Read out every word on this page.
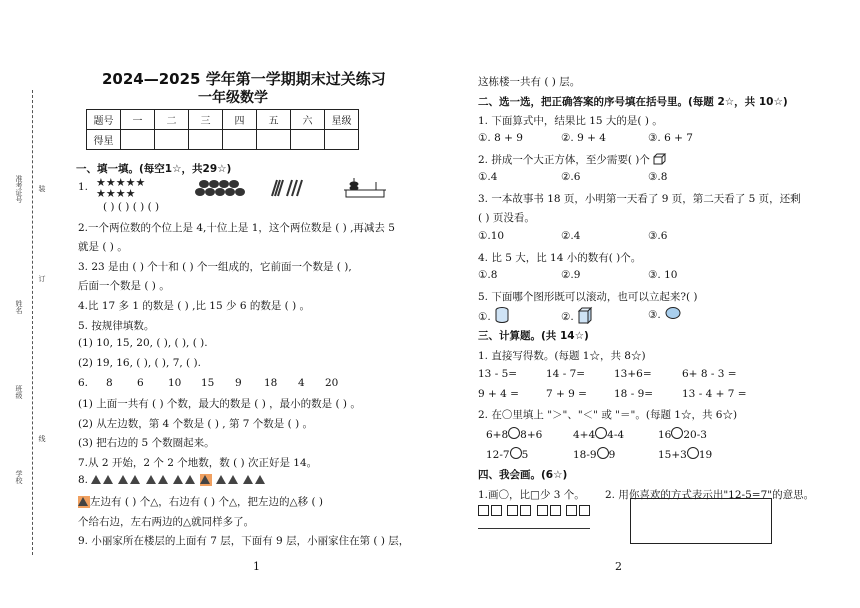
准考证号
姓名
班级
学校
装
订
线
2024—2025 学年第一学期期末过关练习
一年级数学
题号	一	二	三	四	五	六	星级
得星							
一、填一填。(每空1☆，共29☆)
1. ★★★★★
★★★★
( ) ( ) ( ) ( )
2.一个两位数的个位上是 4,十位上是 1，这个两位数是 ( ) ,再减去 5
就是 ( ) 。
3. 23 是由 ( ) 个十和 ( ) 个一组成的，它前面一个数是 ( ),
后面一个数是 ( ) 。
4.比 17 多 1 的数是 ( ) ,比 15 少 6 的数是 ( ) 。
5. 按规律填数。
(1) 10, 15, 20, ( ), ( ), ( ).
(2) 19, 16, ( ), ( ), 7, ( ).
6. 8 6 10 15 9 18 4 20
(1) 上面一共有 ( ) 个数，最大的数是 ( ) ，最小的数是 ( ) 。
(2) 从左边数，第 4 个数是 ( ) , 第 7 个数是 ( ) 。
(3) 把右边的 5 个数圈起来。
7.从 2 开始，2 个 2 个地数，数 ( ) 次正好是 14。
8.

左边有 ( ) 个△，右边有 ( ) 个△，把左边的△移 ( )
个给右边，左右两边的△就同样多了。
9. 小丽家所在楼层的上面有 7 层，下面有 9 层，小丽家住在第 ( ) 层，
1
这栋楼一共有 ( ) 层。
二、选一选，把正确答案的序号填在括号里。(每题 2☆，共 10☆)
1. 下面算式中，结果比 15 大的是( ) 。
①. 8 + 9	②. 9 + 4	③. 6 + 7
2. 拼成一个大正方体，至少需要( )个
①.4	②.6	③.8
3. 一本故事书 18 页，小明第一天看了 9 页，第二天看了 5 页，还剩
( ) 页没看。
①.10	②.4	③.6
4. 比 5 大，比 14 小的数有( )个。
①.8	②.9	③. 10
5. 下面哪个图形既可以滚动，也可以立起来?( )
①.	②.	③.
三、计算题。(共 14☆)
1. 直接写得数。(每题 1☆，共 8☆)
13 - 5=	14 - 7=	13+6=	6+ 8 - 3 =
9 + 4 =	7 + 9 =	18 - 9=	13 - 4 + 7 =
2. 在〇里填上 "＞"、"＜" 或 "＝"。(每题 1☆，共 6☆)
6+8 8+6	4+4 4-4	16 20-3
12-7 5	18-9 9	15+3 19
四、我会画。(6☆)
1.画〇，比□少 3 个。 2. 用你喜欢的方式表示出"12-5=7"的意思。

2
